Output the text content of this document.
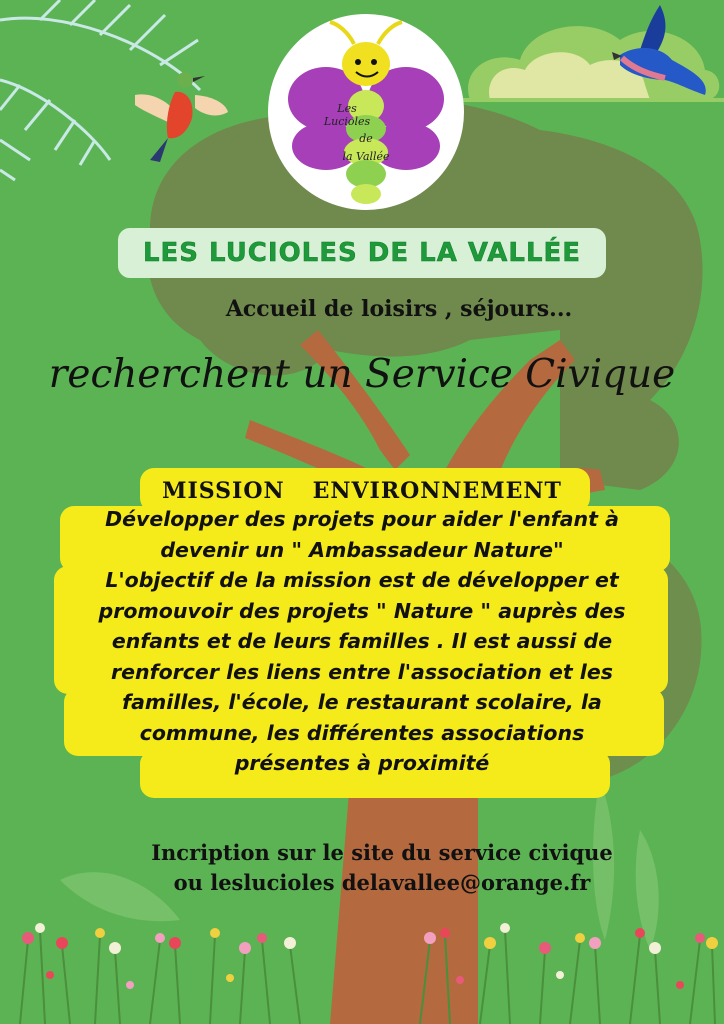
Les Lucioles
de
la Vallée
LES LUCIOLES DE LA VALLÉE
Accueil de loisirs , séjours...
recherchent un Service Civique
MISSION ENVIRONNEMENT
Développer des projets pour aider l'enfant à
devenir un " Ambassadeur Nature"
L'objectif de la mission est de développer et
promouvoir des projets " Nature " auprès des
enfants et de leurs familles . Il est aussi de
renforcer les liens entre l'association et les
familles, l'école, le restaurant scolaire, la
commune, les différentes associations
présentes à proximité
Incription sur le site du service civique
ou leslucioles delavallee@orange.fr
